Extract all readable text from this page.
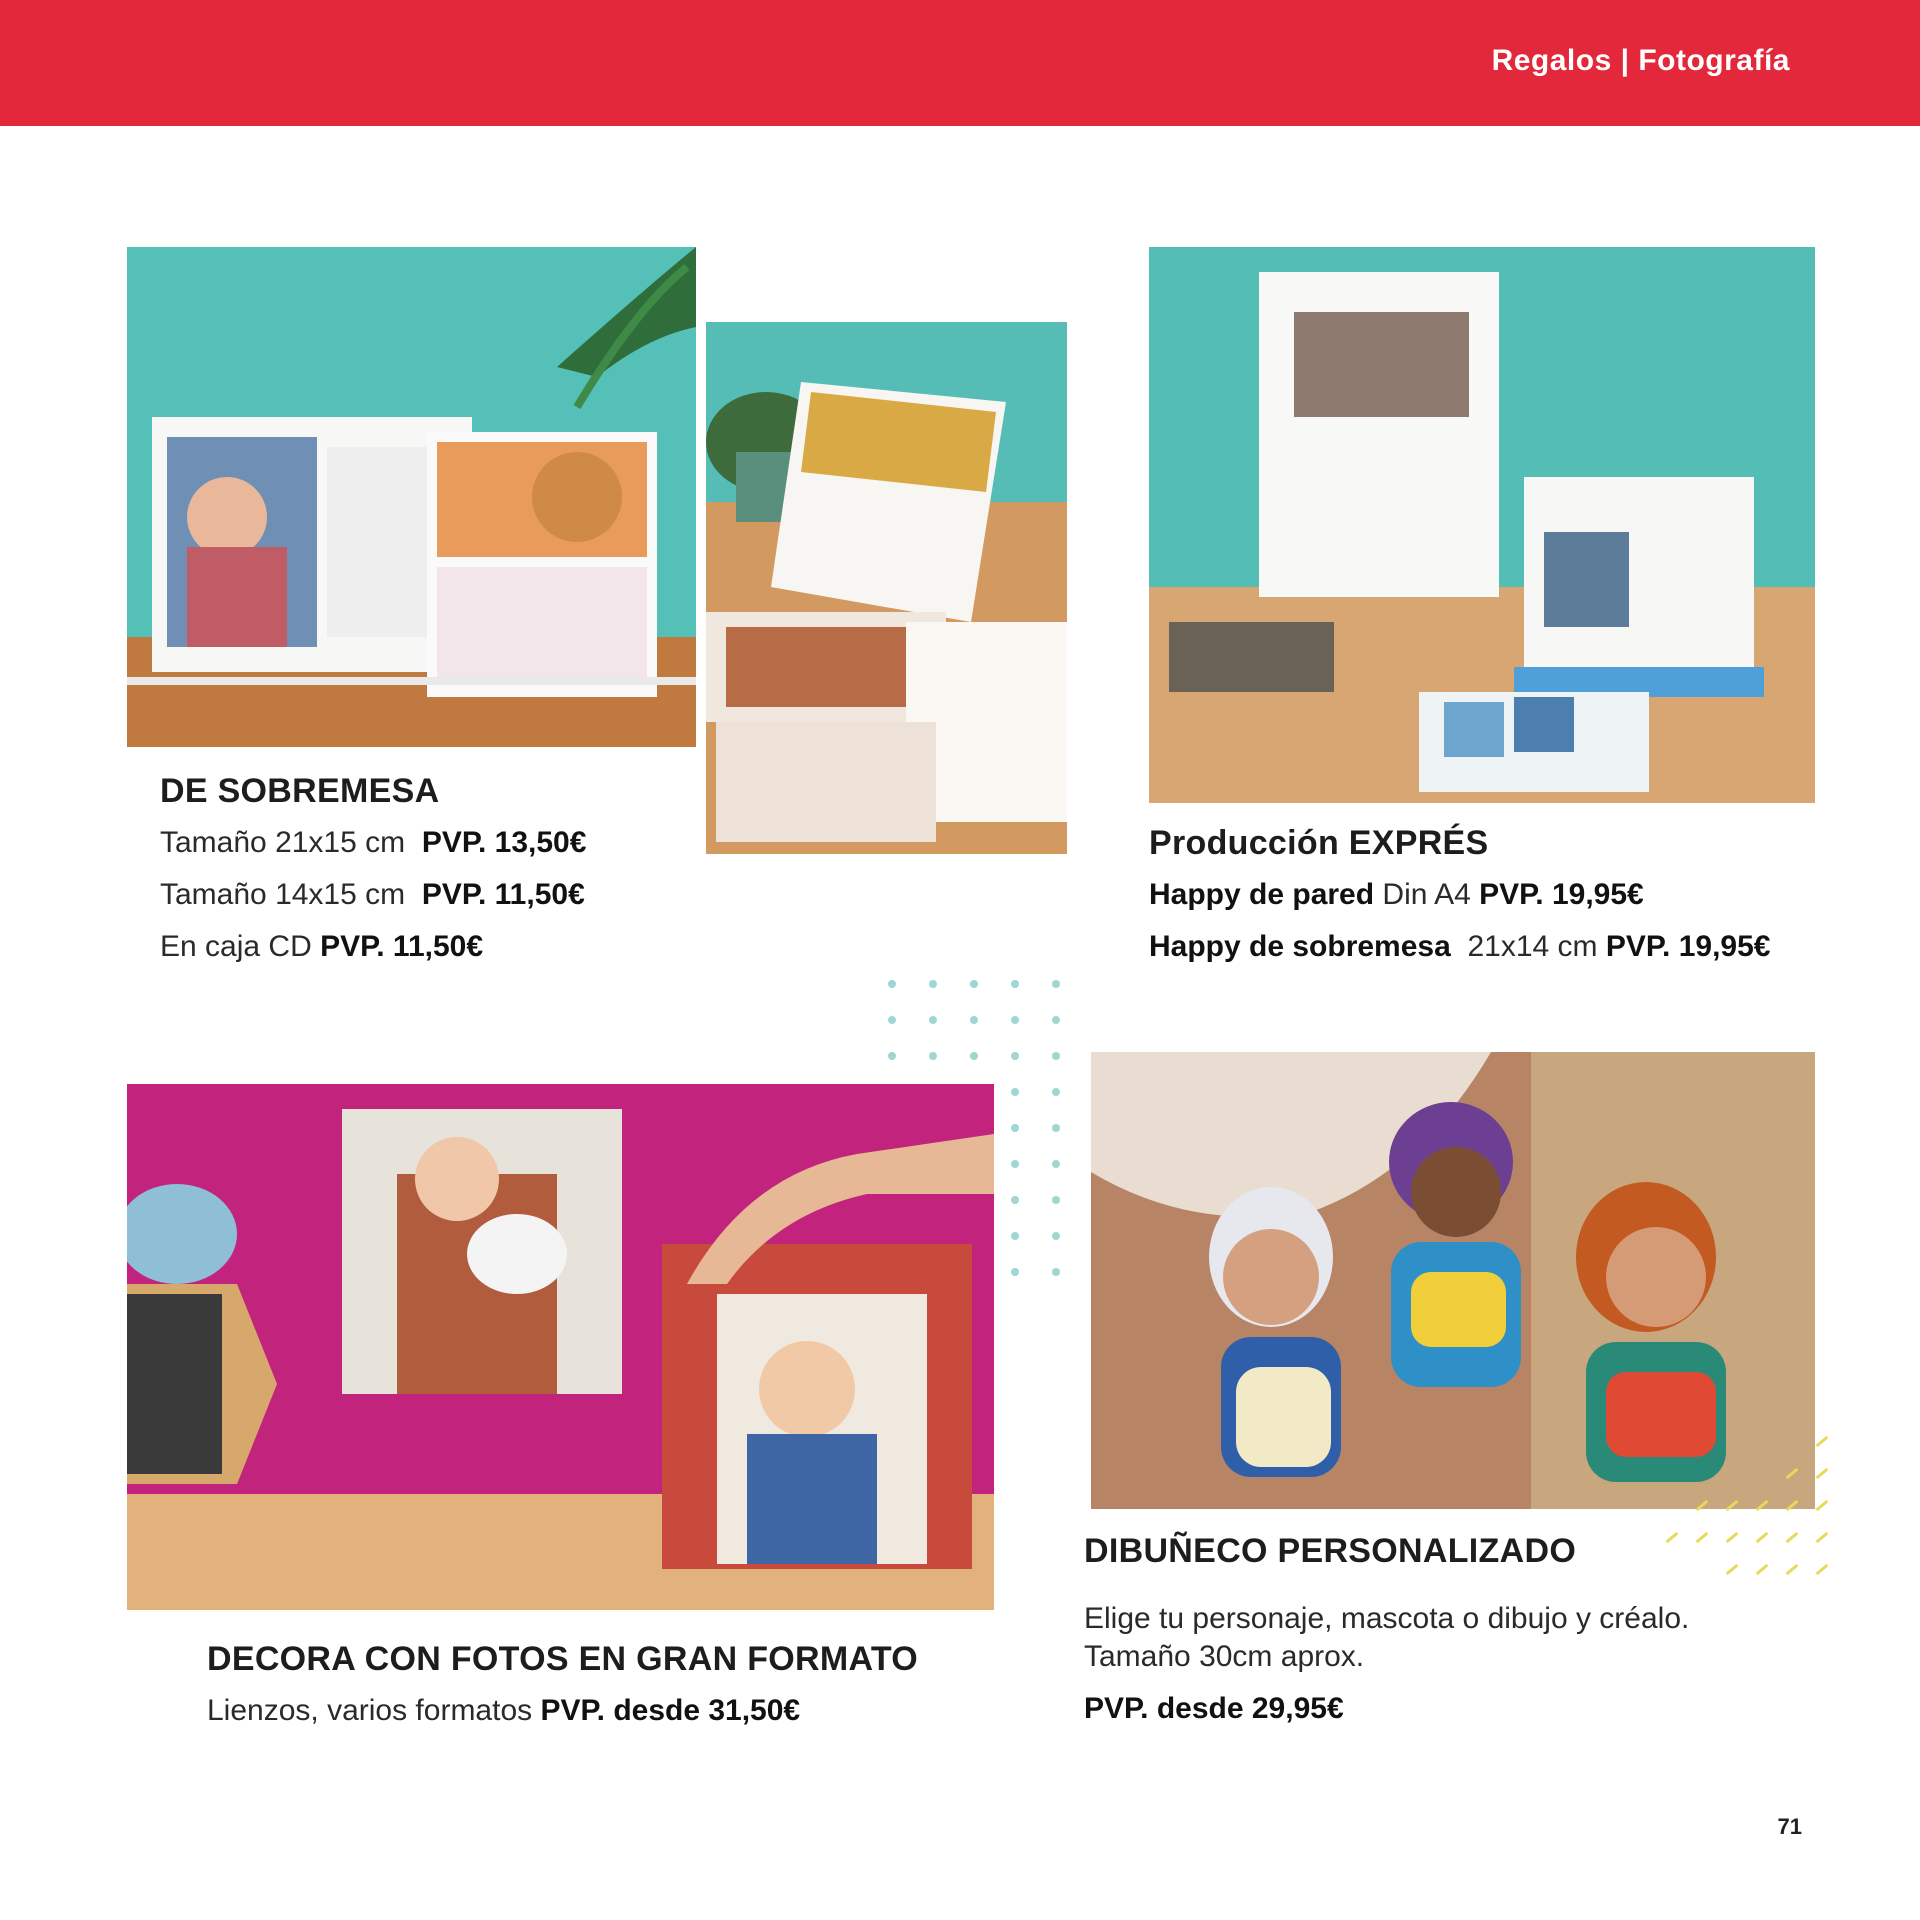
Regalos | Fotografía
DE SOBREMESA
Tamaño 21x15 cm PVP. 13,50€
Tamaño 14x15 cm PVP. 11,50€
En caja CD PVP. 11,50€
Producción EXPRÉS
Happy de pared Din A4 PVP. 19,95€
Happy de sobremesa 21x14 cm PVP. 19,95€
DECORA CON FOTOS EN GRAN FORMATO
Lienzos, varios formatos PVP. desde 31,50€
DIBUÑECO PERSONALIZADO
Elige tu personaje, mascota o dibujo y créalo.
Tamaño 30cm aprox.
PVP. desde 29,95€
71
